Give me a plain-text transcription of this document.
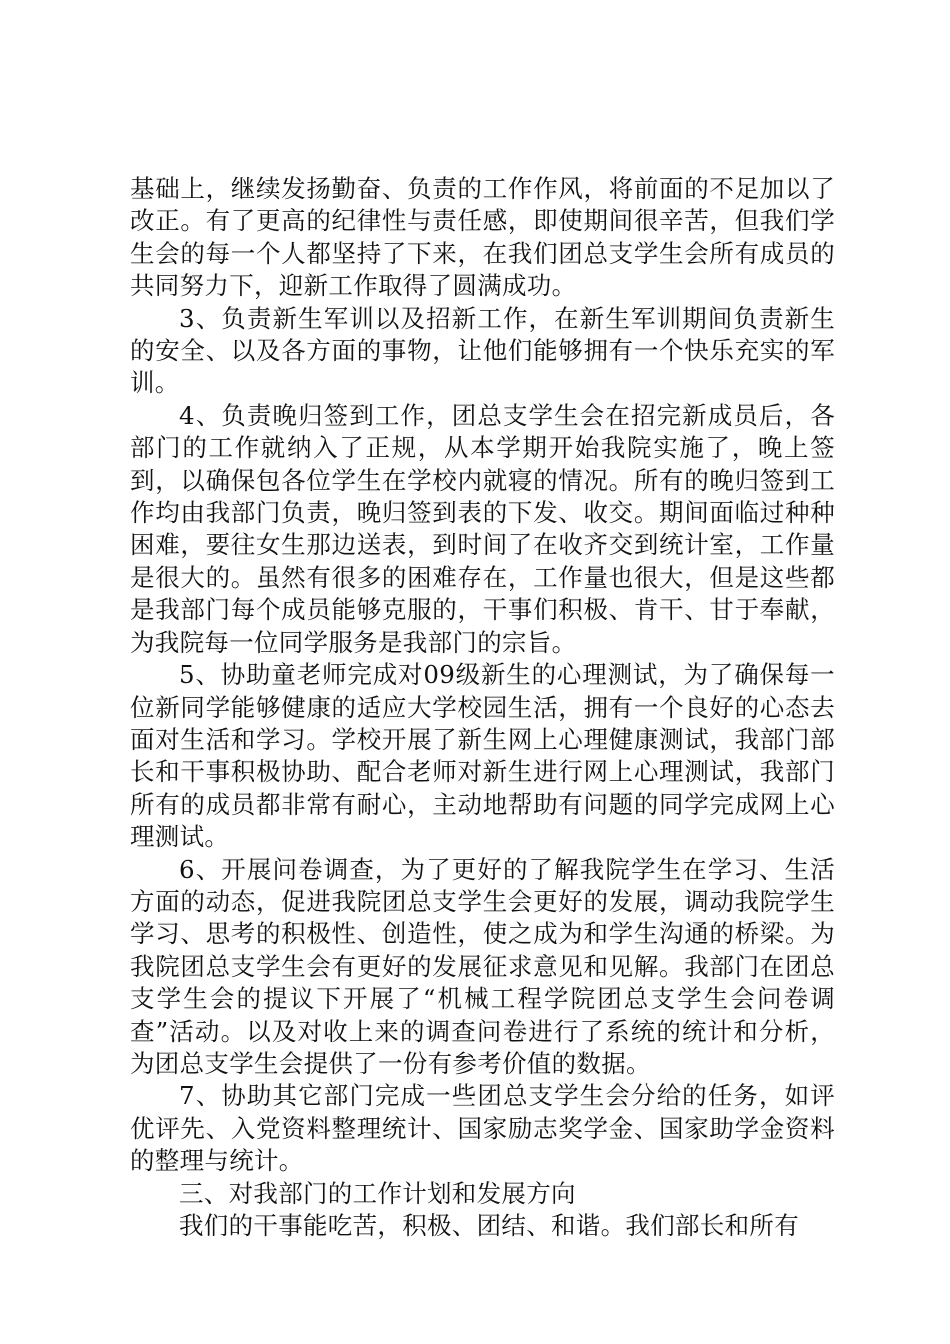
基础上，继续发扬勤奋、负责的工作作风，将前面的不足加以了改正。有了更高的纪律性与责任感，即使期间很辛苦，但我们学生会的每一个人都坚持了下来，在我们团总支学生会所有成员的共同努力下，迎新工作取得了圆满成功。

3、负责新生军训以及招新工作，在新生军训期间负责新生的安全、以及各方面的事物，让他们能够拥有一个快乐充实的军训。

4、负责晚归签到工作，团总支学生会在招完新成员后，各部门的工作就纳入了正规，从本学期开始我院实施了，晚上签到，以确保包各位学生在学校内就寝的情况。所有的晚归签到工作均由我部门负责，晚归签到表的下发、收交。期间面临过种种困难，要往女生那边送表，到时间了在收齐交到统计室，工作量是很大的。虽然有很多的困难存在，工作量也很大，但是这些都是我部门每个成员能够克服的，干事们积极、肯干、甘于奉献，为我院每一位同学服务是我部门的宗旨。

5、协助童老师完成对09级新生的心理测试，为了确保每一位新同学能够健康的适应大学校园生活，拥有一个良好的心态去面对生活和学习。学校开展了新生网上心理健康测试，我部门部长和干事积极协助、配合老师对新生进行网上心理测试，我部门所有的成员都非常有耐心，主动地帮助有问题的同学完成网上心理测试。

6、开展问卷调查，为了更好的了解我院学生在学习、生活方面的动态，促进我院团总支学生会更好的发展，调动我院学生学习、思考的积极性、创造性，使之成为和学生沟通的桥梁。为我院团总支学生会有更好的发展征求意见和见解。我部门在团总支学生会的提议下开展了“机械工程学院团总支学生会问卷调查”活动。以及对收上来的调查问卷进行了系统的统计和分析，为团总支学生会提供了一份有参考价值的数据。

7、协助其它部门完成一些团总支学生会分给的任务，如评优评先、入党资料整理统计、国家励志奖学金、国家助学金资料的整理与统计。

三、对我部门的工作计划和发展方向

我们的干事能吃苦，积极、团结、和谐。我们部长和所有
